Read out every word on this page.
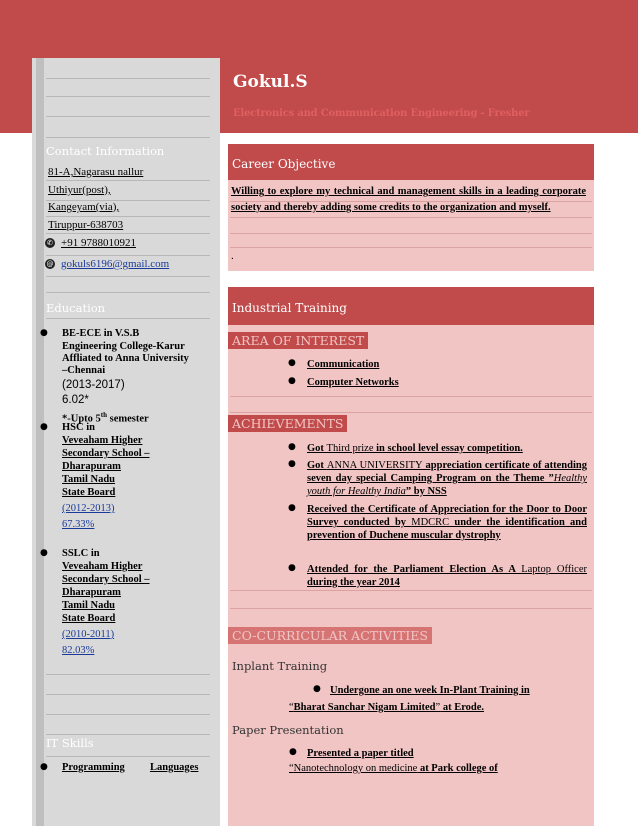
Gokul.S
Electronics and Communication Engineering - Fresher
Contact Information
81-A,Nagarasu nallur
Uthiyur(post),
Kangeyam(via),
Tiruppur-638703
✆ +91 9788010921
@ gokuls6196@gmail.com
Education
● BE-ECE in V.S.B
Engineering College-Karur
Affliated to Anna University
–Chennai
(2013-2017)
6.02*
*-Upto 5th semester
● HSC in
Veveaham Higher
Secondary School –
Dharapuram
Tamil Nadu
State Board
(2012-2013)
67.33%
● SSLC in
Veveaham Higher
Secondary School –
Dharapuram
Tamil Nadu
State Board
(2010-2011)
82.03%
IT Skills
● Programming Languages
Career Objective
Willing to explore my technical and management skills in a leading corporate society and thereby adding some credits to the organization and myself.
.
Industrial Training
AREA OF INTEREST
● Communication
● Computer Networks
ACHIEVEMENTS
● Got Third prize in school level essay competition.
● Got ANNA UNIVERSITY appreciation certificate of attending seven day special Camping Program on the Theme ”Healthy youth for Healthy India” by NSS
● Received the Certificate of Appreciation for the Door to Door Survey conducted by MDCRC under the identification and prevention of Duchene muscular dystrophy
● Attended for the Parliament Election As A Laptop Officer during the year 2014
CO-CURRICULAR ACTIVITIES
Inplant Training
● Undergone an one week In-Plant Training in
“Bharat Sanchar Nigam Limited” at Erode.
Paper Presentation
● Presented a paper titled
“Nanotechnology on medicine at Park college of
